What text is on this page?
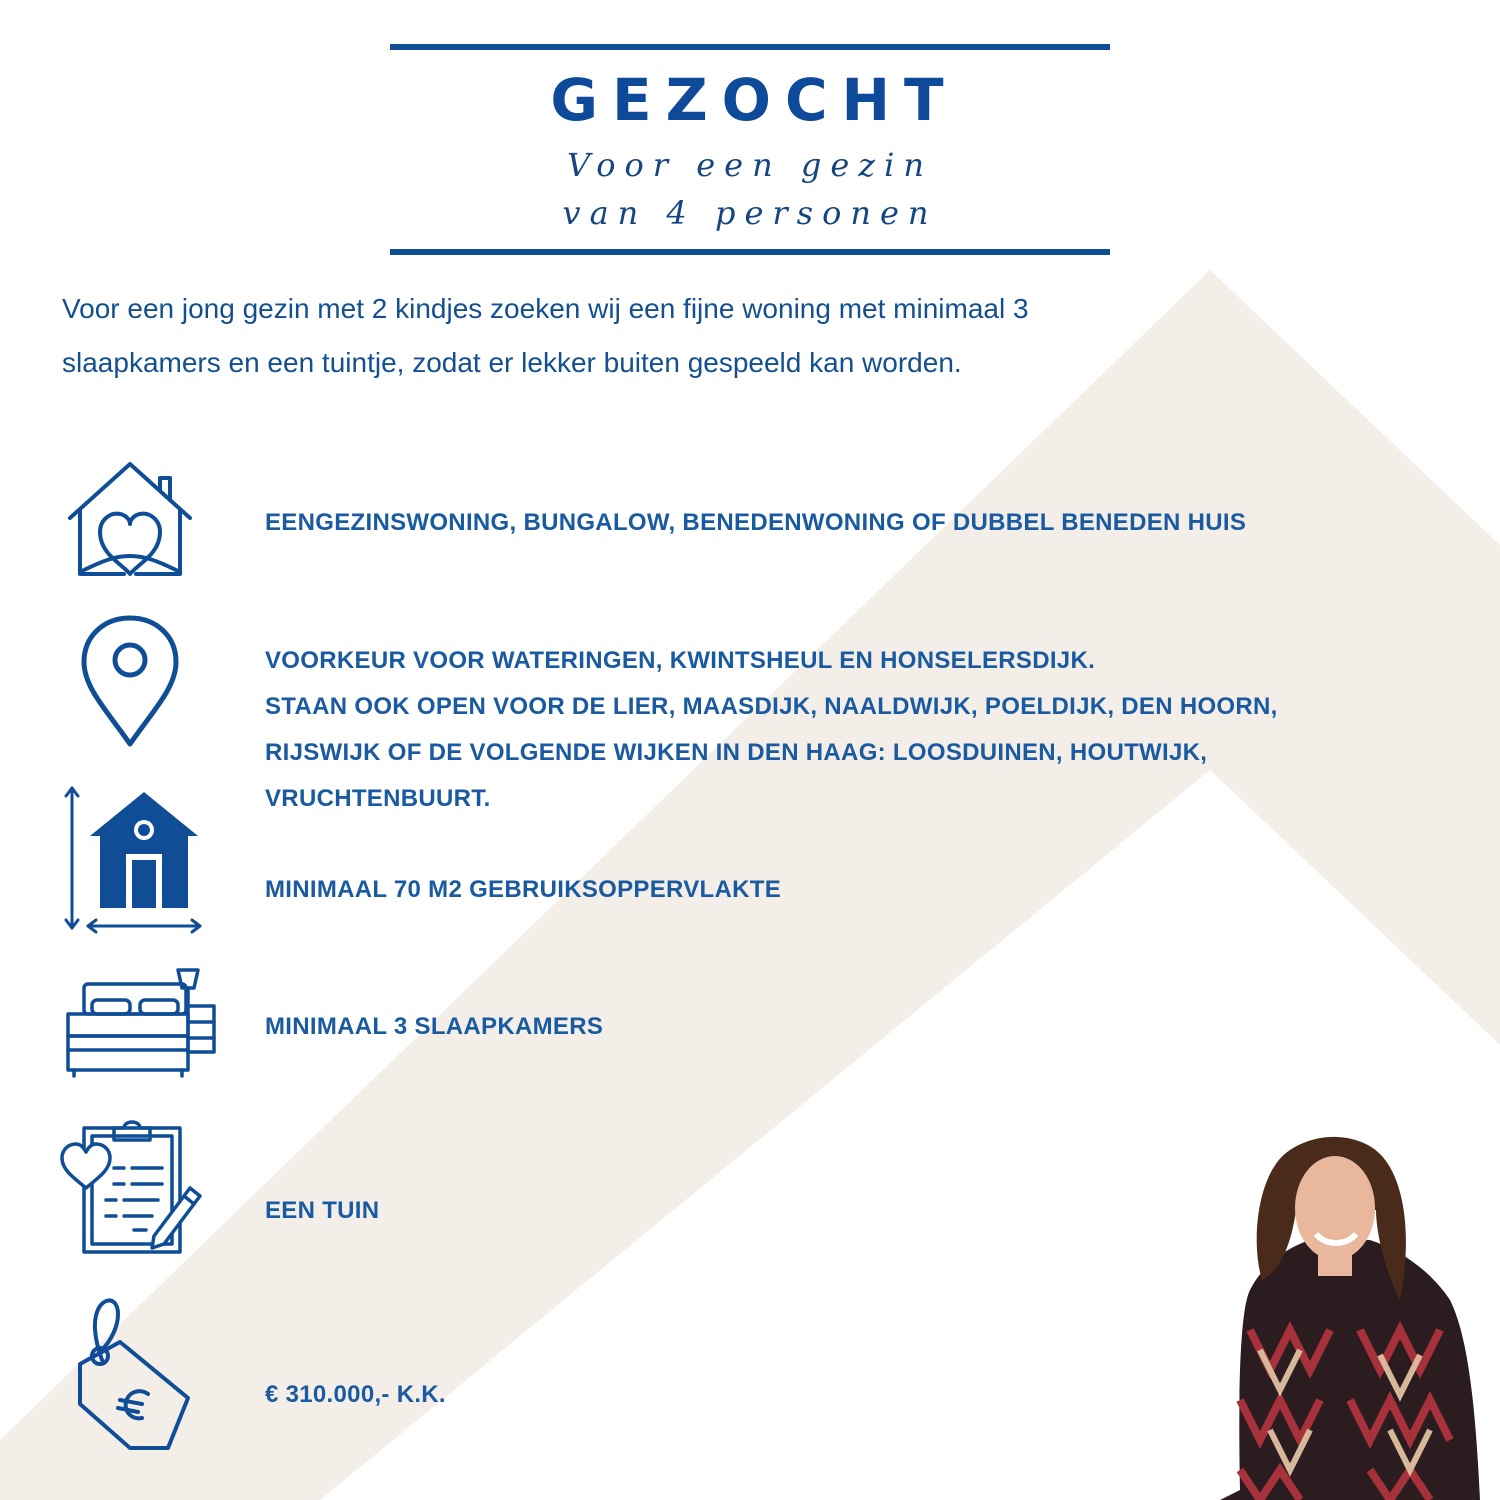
GEZOCHT
Voor een gezin
van 4 personen
Voor een jong gezin met 2 kindjes zoeken wij een fijne woning met minimaal 3
slaapkamers en een tuintje, zodat er lekker buiten gespeeld kan worden.
EENGEZINSWONING, BUNGALOW, BENEDENWONING OF DUBBEL BENEDEN HUIS
VOORKEUR VOOR WATERINGEN, KWINTSHEUL EN HONSELERSDIJK.
STAAN OOK OPEN VOOR DE LIER, MAASDIJK, NAALDWIJK, POELDIJK, DEN HOORN,
RIJSWIJK OF DE VOLGENDE WIJKEN IN DEN HAAG: LOOSDUINEN, HOUTWIJK,
VRUCHTENBUURT.
MINIMAAL 70 M2 GEBRUIKSOPPERVLAKTE
MINIMAAL 3 SLAAPKAMERS
EEN TUIN
€ 310.000,- K.K.
